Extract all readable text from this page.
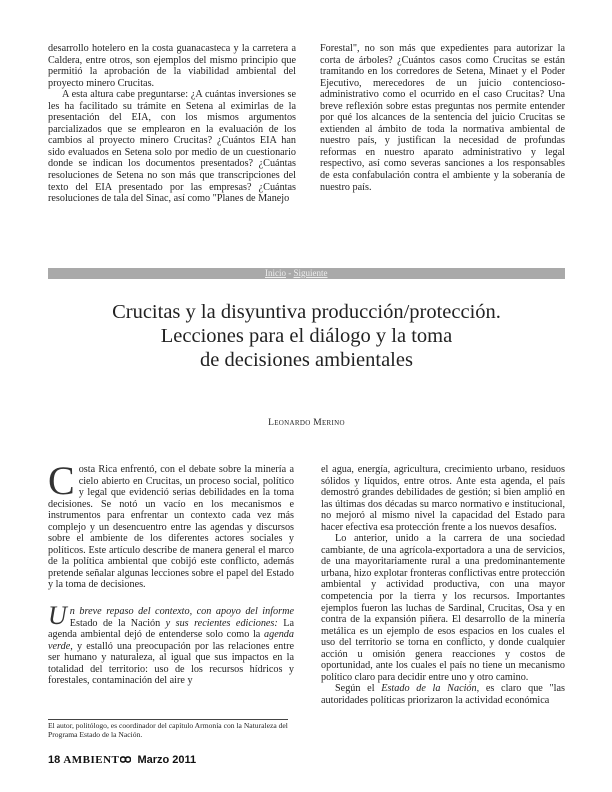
desarrollo hotelero en la costa guanacasteca y la carretera a Caldera, entre otros, son ejemplos del mismo principio que permitió la aprobación de la viabilidad ambiental del proyecto minero Crucitas.

A esta altura cabe preguntarse: ¿A cuántas inversiones se les ha facilitado su trámite en Setena al eximirlas de la presentación del EIA, con los mismos argumentos parcializados que se emplearon en la evaluación de los cambios al proyecto minero Crucitas? ¿Cuántos EIA han sido evaluados en Setena solo por medio de un cuestionario donde se indican los documentos presentados? ¿Cuántas resoluciones de Setena no son más que transcripciones del texto del EIA presentado por las empresas? ¿Cuántas resoluciones de tala del Sinac, así como "Planes de Manejo

Forestal", no son más que expedientes para autorizar la corta de árboles? ¿Cuántos casos como Crucitas se están tramitando en los corredores de Setena, Minaet y el Poder Ejecutivo, merecedores de un juicio contencioso-administrativo como el ocurrido en el caso Crucitas? Una breve reflexión sobre estas preguntas nos permite entender por qué los alcances de la sentencia del juicio Crucitas se extienden al ámbito de toda la normativa ambiental de nuestro país, y justifican la necesidad de profundas reformas en nuestro aparato administrativo y legal respectivo, así como severas sanciones a los responsables de esta confabulación contra el ambiente y la soberanía de nuestro país.

Inicio - Siguiente
Crucitas y la disyuntiva producción/protección.
Lecciones para el diálogo y la toma
de decisiones ambientales
Leonardo Merino

Costa Rica enfrentó, con el debate sobre la minería a cielo abierto en Crucitas, un proceso social, político y legal que evidenció serias debilidades en la toma decisiones. Se notó un vacío en los mecanismos e instrumentos para enfrentar un contexto cada vez más complejo y un desencuentro entre las agendas y discursos sobre el ambiente de los diferentes actores sociales y políticos. Este artículo describe de manera general el marco de la política ambiental que cobijó este conflicto, además pretende señalar algunas lecciones sobre el papel del Estado y la toma de decisiones.

Un breve repaso del contexto, con apoyo del informe Estado de la Nación y sus recientes ediciones: La agenda ambiental dejó de entenderse solo como la agenda verde, y estalló una preocupación por las relaciones entre ser humano y naturaleza, al igual que sus impactos en la totalidad del territorio: uso de los recursos hídricos y forestales, contaminación del aire y

el agua, energía, agricultura, crecimiento urbano, residuos sólidos y líquidos, entre otros. Ante esta agenda, el país demostró grandes debilidades de gestión; si bien amplió en las últimas dos décadas su marco normativo e institucional, no mejoró al mismo nivel la capacidad del Estado para hacer efectiva esa protección frente a los nuevos desafíos.

Lo anterior, unido a la carrera de una sociedad cambiante, de una agrícola-exportadora a una de servicios, de una mayoritariamente rural a una predominantemente urbana, hizo explotar fronteras conflictivas entre protección ambiental y actividad productiva, con una mayor competencia por la tierra y los recursos. Importantes ejemplos fueron las luchas de Sardinal, Crucitas, Osa y en contra de la expansión piñera. El desarrollo de la minería metálica es un ejemplo de esos espacios en los cuales el uso del territorio se torna en conflicto, y donde cualquier acción u omisión genera reacciones y costos de oportunidad, ante los cuales el país no tiene un mecanismo político claro para decidir entre uno y otro camino.

Según el Estado de la Nación, es claro que "las autoridades políticas priorizaron la actividad económica

El autor, politólogo, es coordinador del capítulo Armonía con la Naturaleza del Programa Estado de la Nación.
18 AMBIENT Marzo 2011
